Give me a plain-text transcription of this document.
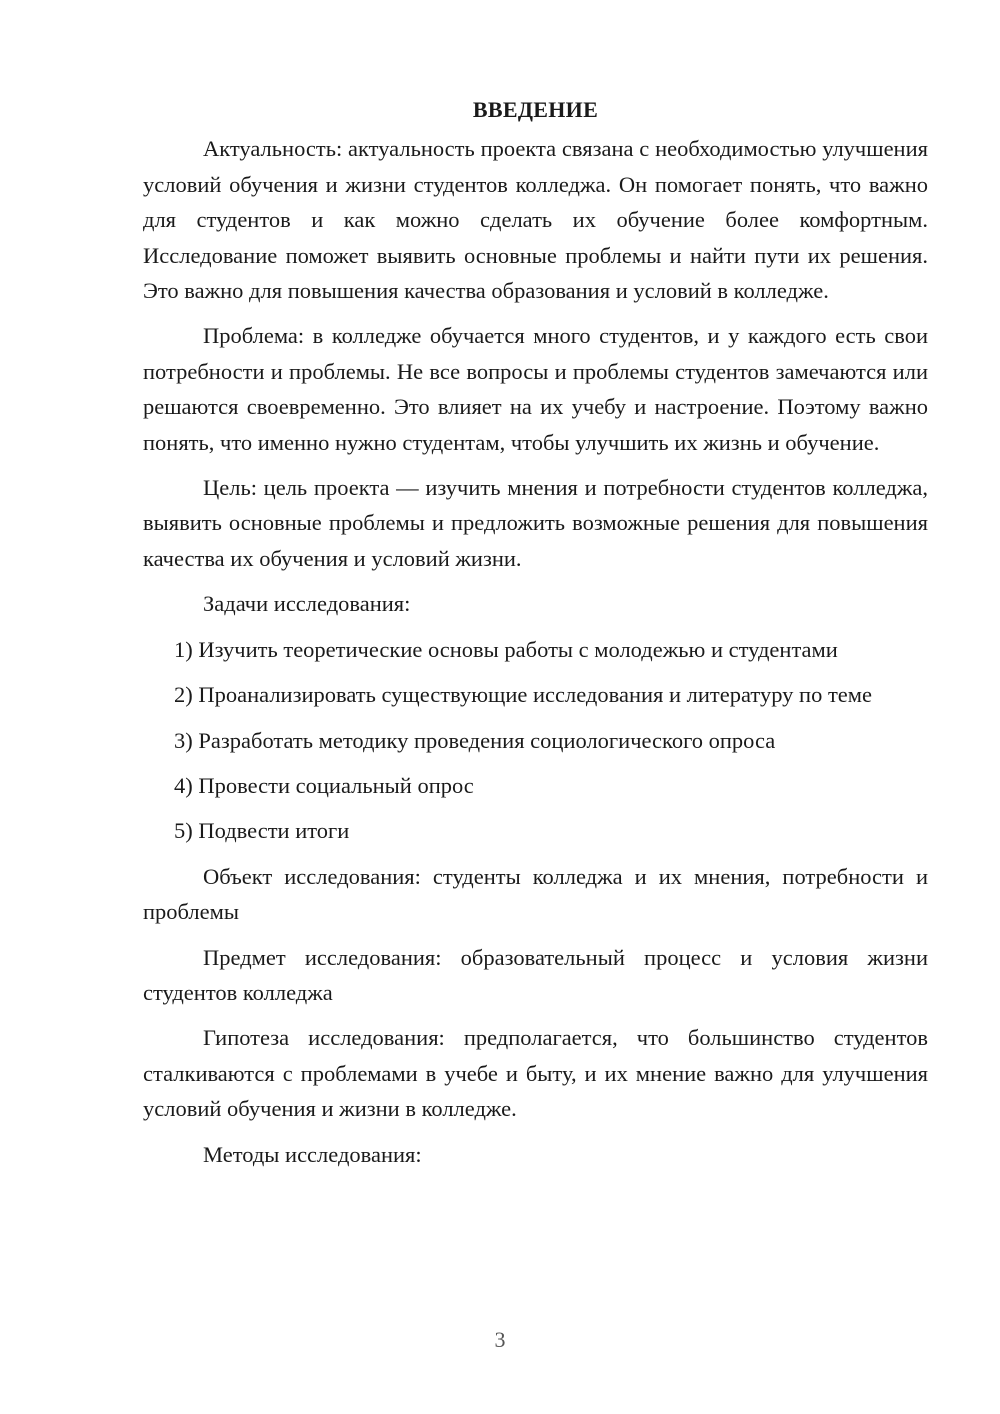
ВВЕДЕНИЕ

Актуальность: актуальность проекта связана с необходимостью улучшения условий обучения и жизни студентов колледжа. Он помогает понять, что важно для студентов и как можно сделать их обучение более комфортным. Исследование поможет выявить основные проблемы и найти пути их решения. Это важно для повышения качества образования и условий в колледже.

Проблема: в колледже обучается много студентов, и у каждого есть свои потребности и проблемы. Не все вопросы и проблемы студентов замечаются или решаются своевременно. Это влияет на их учебу и настроение. Поэтому важно понять, что именно нужно студентам, чтобы улучшить их жизнь и обучение.

Цель: цель проекта — изучить мнения и потребности студентов колледжа, выявить основные проблемы и предложить возможные решения для повышения качества их обучения и условий жизни.

Задачи исследования:

1) Изучить теоретические основы работы с молодежью и студентами

2) Проанализировать существующие исследования и литературу по теме

3) Разработать методику проведения социологического опроса

4) Провести социальный опрос

5) Подвести итоги

Объект исследования: студенты колледжа и их мнения, потребности и проблемы

Предмет исследования: образовательный процесс и условия жизни студентов колледжа

Гипотеза исследования: предполагается, что большинство студентов сталкиваются с проблемами в учебе и быту, и их мнение важно для улучшения условий обучения и жизни в колледже.

Методы исследования:

3
